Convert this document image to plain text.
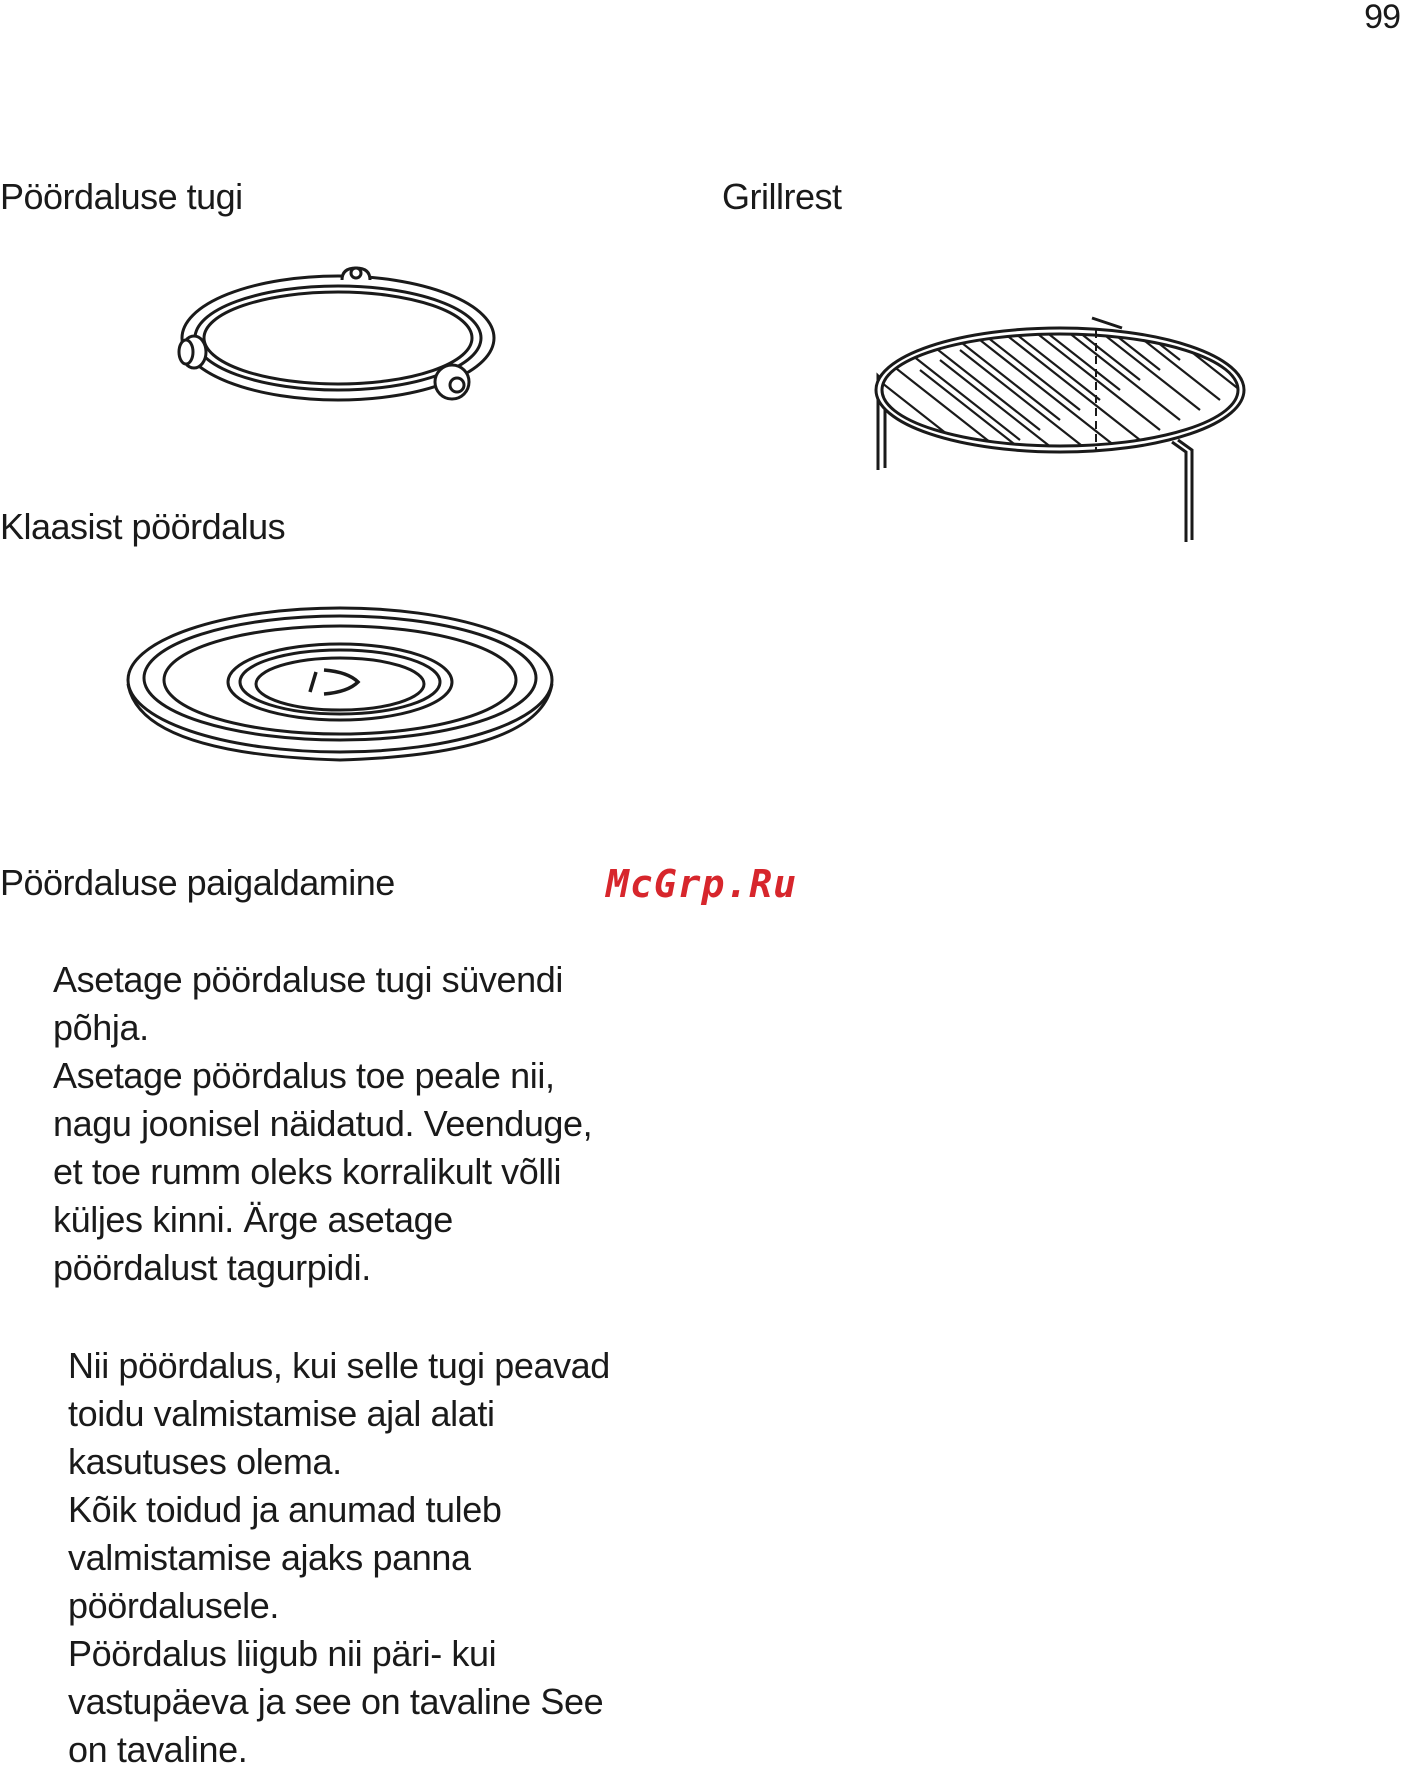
99
Pöördaluse tugi	Grillrest
Klaasist pöördalus
Pöördaluse paigaldamine	McGrp.Ru
Asetage pöördaluse tugi süvendi
põhja.
Asetage pöördalus toe peale nii,
nagu joonisel näidatud. Veenduge,
et toe rumm oleks korralikult võlli
küljes kinni. Ärge asetage
pöördalust tagurpidi.
Nii pöördalus, kui selle tugi peavad
toidu valmistamise ajal alati
kasutuses olema.
Kõik toidud ja anumad tuleb
valmistamise ajaks panna
pöördalusele.
Pöördalus liigub nii päri- kui
vastupäeva ja see on tavaline See
on tavaline.
